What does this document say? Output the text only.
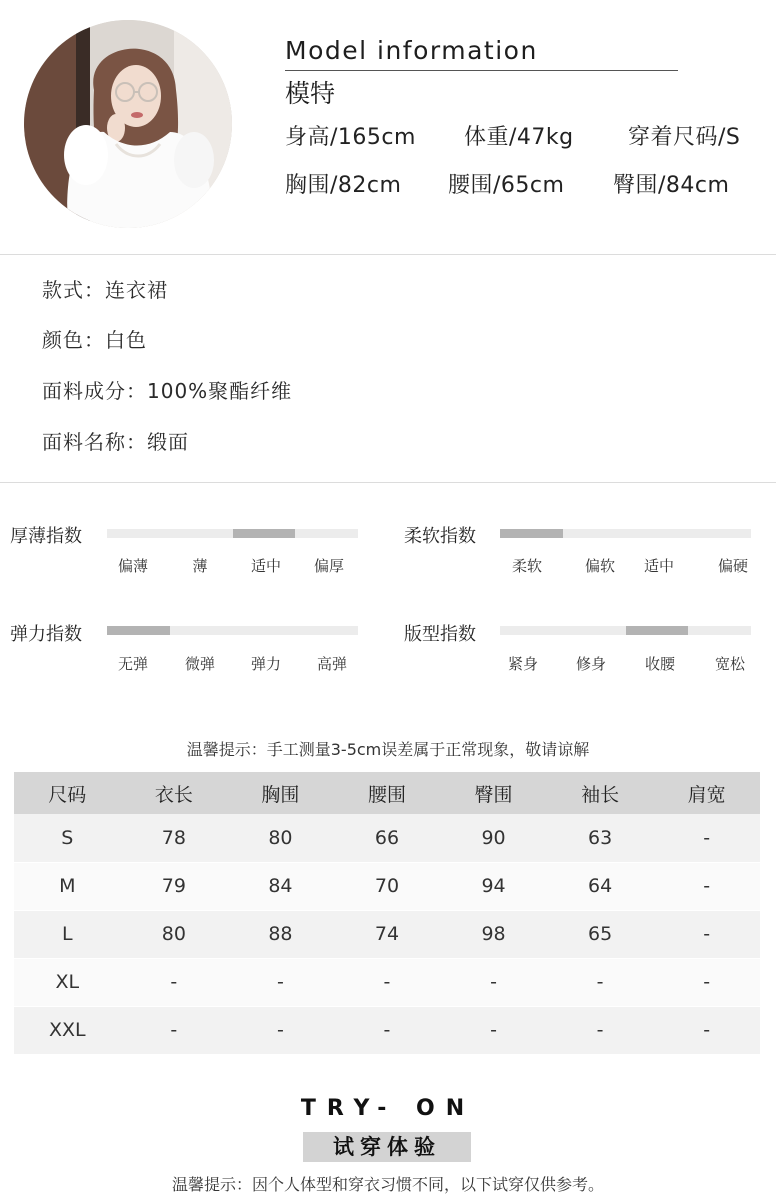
Model information
模特
身高/165cm 体重/47kg 穿着尺码/S
胸围/82cm 腰围/65cm 臀围/84cm
款式：连衣裙
颜色：白色
面料成分：100%聚酯纤维
面料名称：缎面
厚薄指数
偏薄	薄	适中	偏厚
柔软指数
柔软	偏软	适中	偏硬
弹力指数
无弹	微弹	弹力	高弹
版型指数
紧身	修身	收腰	宽松
温馨提示：手工测量3-5cm误差属于正常现象，敬请谅解
尺码	衣长	胸围	腰围	臀围	袖长	肩宽
S	78	80	66	90	63	-
M	79	84	70	94	64	-
L	80	88	74	98	65	-
XL	-	-	-	-	-	-
XXL	-	-	-	-	-	-
TRY- ON
试穿体验
温馨提示：因个人体型和穿衣习惯不同，以下试穿仅供参考。
